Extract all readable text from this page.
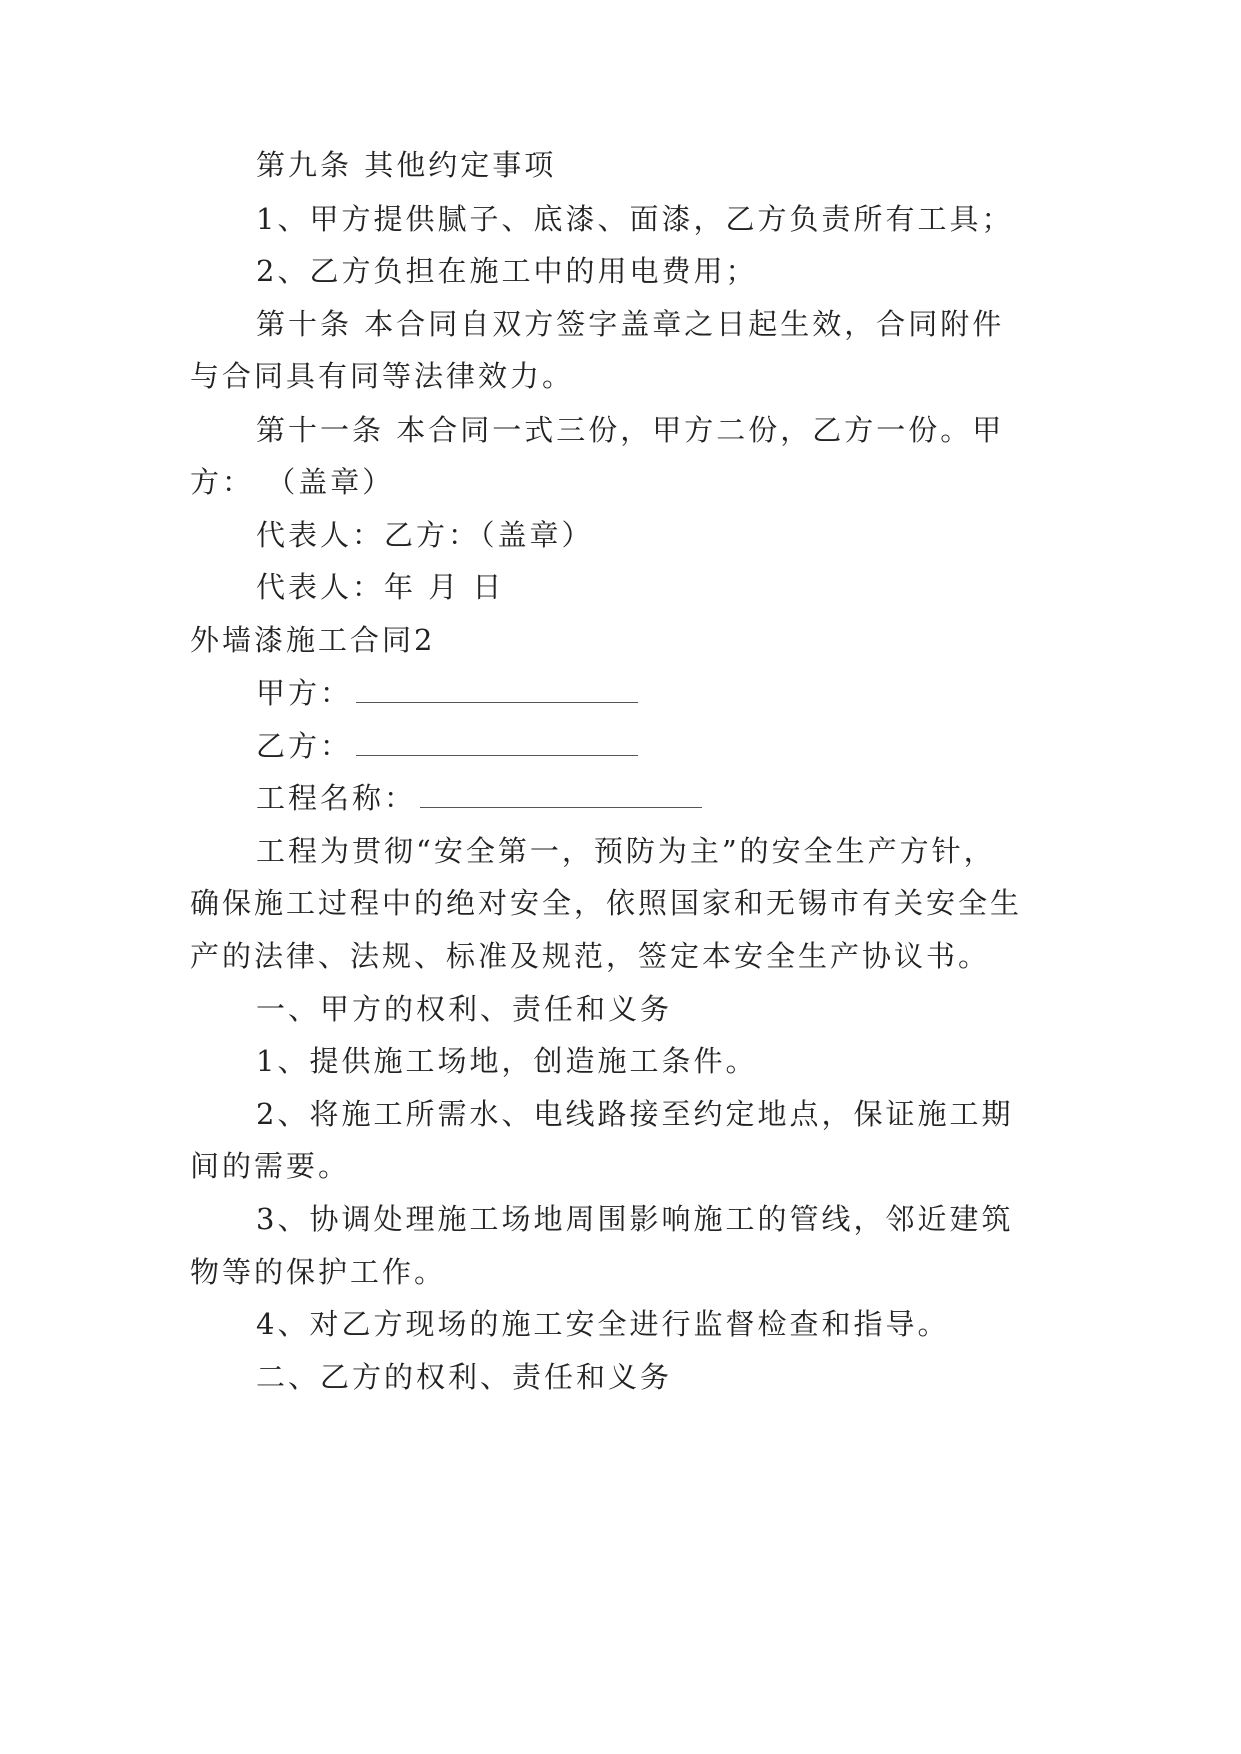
第九条 其他约定事项
1、甲方提供腻子、底漆、面漆，乙方负责所有工具；
2、乙方负担在施工中的用电费用；
第十条 本合同自双方签字盖章之日起生效，合同附件
与合同具有同等法律效力。
第十一条 本合同一式三份，甲方二份，乙方一份。甲
方： （盖章）
代表人：乙方：（盖章）
代表人：年 月 日
外墙漆施工合同2
甲方：
乙方：
工程名称：
工程为贯彻“安全第一，预防为主”的安全生产方针，
确保施工过程中的绝对安全，依照国家和无锡市有关安全生
产的法律、法规、标准及规范，签定本安全生产协议书。
一、甲方的权利、责任和义务
1、提供施工场地，创造施工条件。
2、将施工所需水、电线路接至约定地点，保证施工期
间的需要。
3、协调处理施工场地周围影响施工的管线，邻近建筑
物等的保护工作。
4、对乙方现场的施工安全进行监督检查和指导。
二、乙方的权利、责任和义务
